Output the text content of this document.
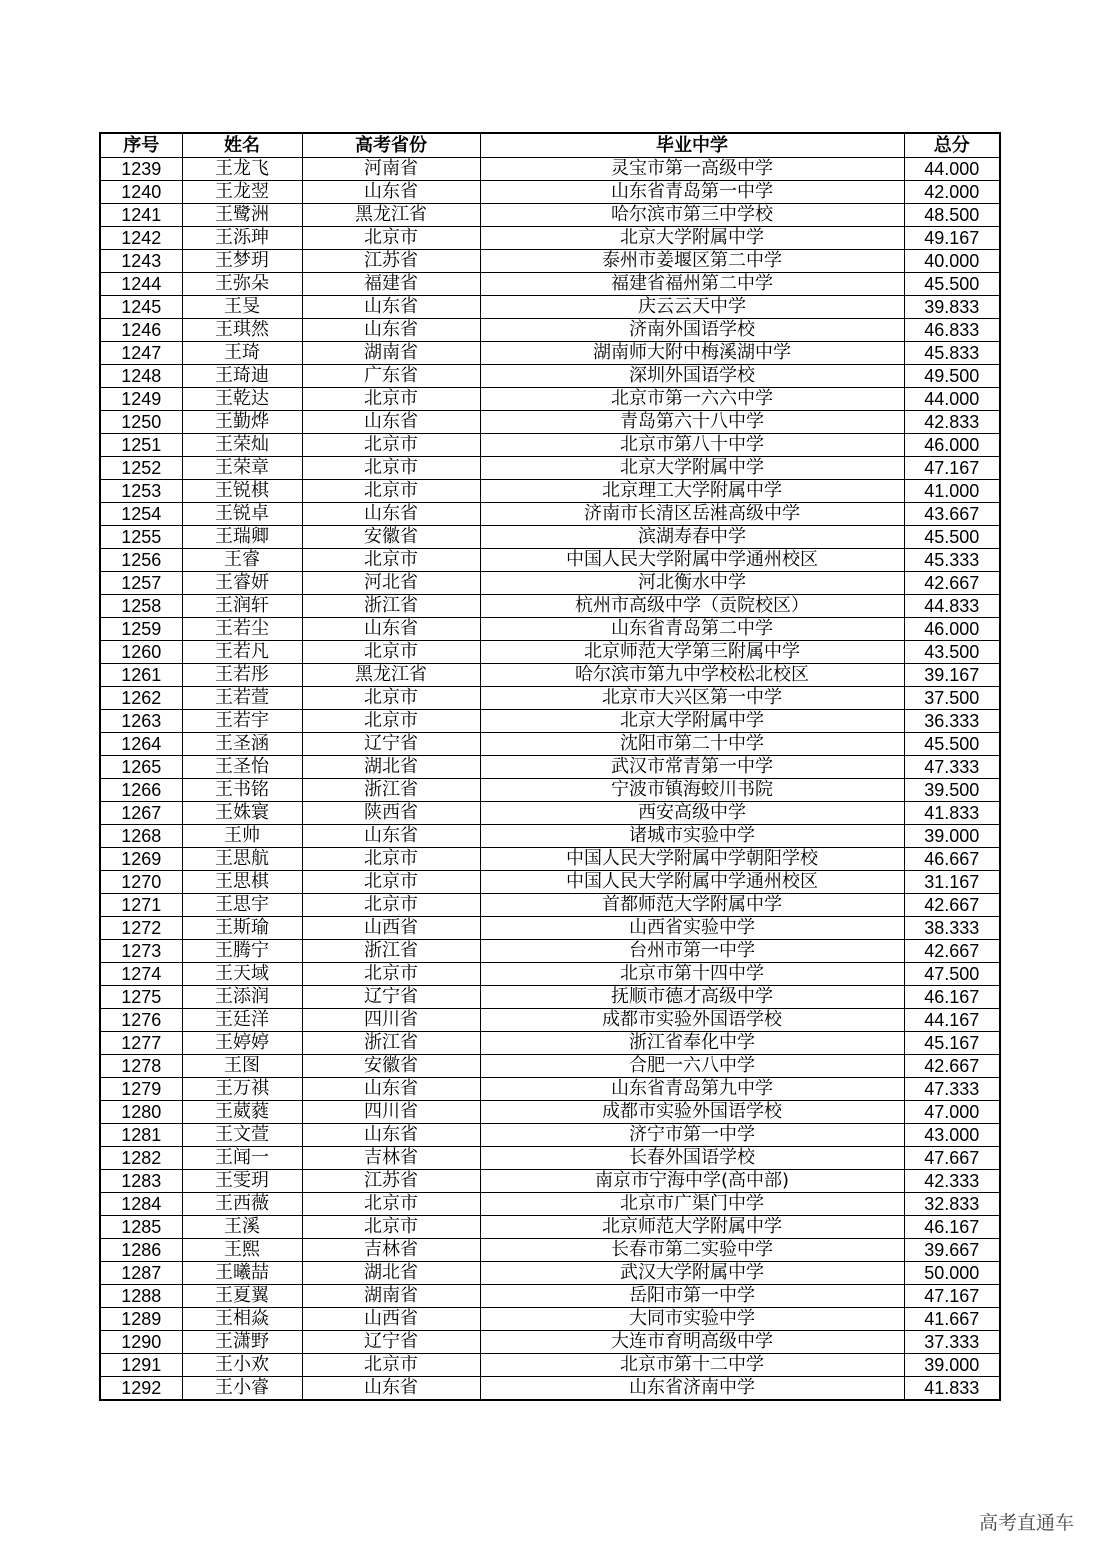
序号	姓名	高考省份	毕业中学	总分
1239	王龙飞	河南省	灵宝市第一高级中学	44.000
1240	王龙翌	山东省	山东省青岛第一中学	42.000
1241	王鹭洲	黑龙江省	哈尔滨市第三中学校	48.500
1242	王泺珅	北京市	北京大学附属中学	49.167
1243	王梦玥	江苏省	泰州市姜堰区第二中学	40.000
1244	王弥朵	福建省	福建省福州第二中学	45.500
1245	王旻	山东省	庆云云天中学	39.833
1246	王琪然	山东省	济南外国语学校	46.833
1247	王琦	湖南省	湖南师大附中梅溪湖中学	45.833
1248	王琦迪	广东省	深圳外国语学校	49.500
1249	王乾达	北京市	北京市第一六六中学	44.000
1250	王勤烨	山东省	青岛第六十八中学	42.833
1251	王荣灿	北京市	北京市第八十中学	46.000
1252	王荣章	北京市	北京大学附属中学	47.167
1253	王锐棋	北京市	北京理工大学附属中学	41.000
1254	王锐卓	山东省	济南市长清区岳溎高级中学	43.667
1255	王瑞卿	安徽省	滨湖寿春中学	45.500
1256	王睿	北京市	中国人民大学附属中学通州校区	45.333
1257	王睿妍	河北省	河北衡水中学	42.667
1258	王润轩	浙江省	杭州市高级中学（贡院校区）	44.833
1259	王若尘	山东省	山东省青岛第二中学	46.000
1260	王若凡	北京市	北京师范大学第三附属中学	43.500
1261	王若彤	黑龙江省	哈尔滨市第九中学校松北校区	39.167
1262	王若萱	北京市	北京市大兴区第一中学	37.500
1263	王若宇	北京市	北京大学附属中学	36.333
1264	王圣涵	辽宁省	沈阳市第二十中学	45.500
1265	王圣怡	湖北省	武汉市常青第一中学	47.333
1266	王书铭	浙江省	宁波市镇海蛟川书院	39.500
1267	王姝寰	陕西省	西安高级中学	41.833
1268	王帅	山东省	诸城市实验中学	39.000
1269	王思航	北京市	中国人民大学附属中学朝阳学校	46.667
1270	王思棋	北京市	中国人民大学附属中学通州校区	31.167
1271	王思宇	北京市	首都师范大学附属中学	42.667
1272	王斯瑜	山西省	山西省实验中学	38.333
1273	王腾宁	浙江省	台州市第一中学	42.667
1274	王天域	北京市	北京市第十四中学	47.500
1275	王添润	辽宁省	抚顺市德才高级中学	46.167
1276	王廷洋	四川省	成都市实验外国语学校	44.167
1277	王婷婷	浙江省	浙江省奉化中学	45.167
1278	王图	安徽省	合肥一六八中学	42.667
1279	王万祺	山东省	山东省青岛第九中学	47.333
1280	王葳蕤	四川省	成都市实验外国语学校	47.000
1281	王文萱	山东省	济宁市第一中学	43.000
1282	王闻一	吉林省	长春外国语学校	47.667
1283	王雯玥	江苏省	南京市宁海中学(高中部)	42.333
1284	王西薇	北京市	北京市广渠门中学	32.833
1285	王溪	北京市	北京师范大学附属中学	46.167
1286	王熙	吉林省	长春市第二实验中学	39.667
1287	王曦喆	湖北省	武汉大学附属中学	50.000
1288	王夏翼	湖南省	岳阳市第一中学	47.167
1289	王相焱	山西省	大同市实验中学	41.667
1290	王潇野	辽宁省	大连市育明高级中学	37.333
1291	王小欢	北京市	北京市第十二中学	39.000
1292	王小睿	山东省	山东省济南中学	41.833
高考直通车
